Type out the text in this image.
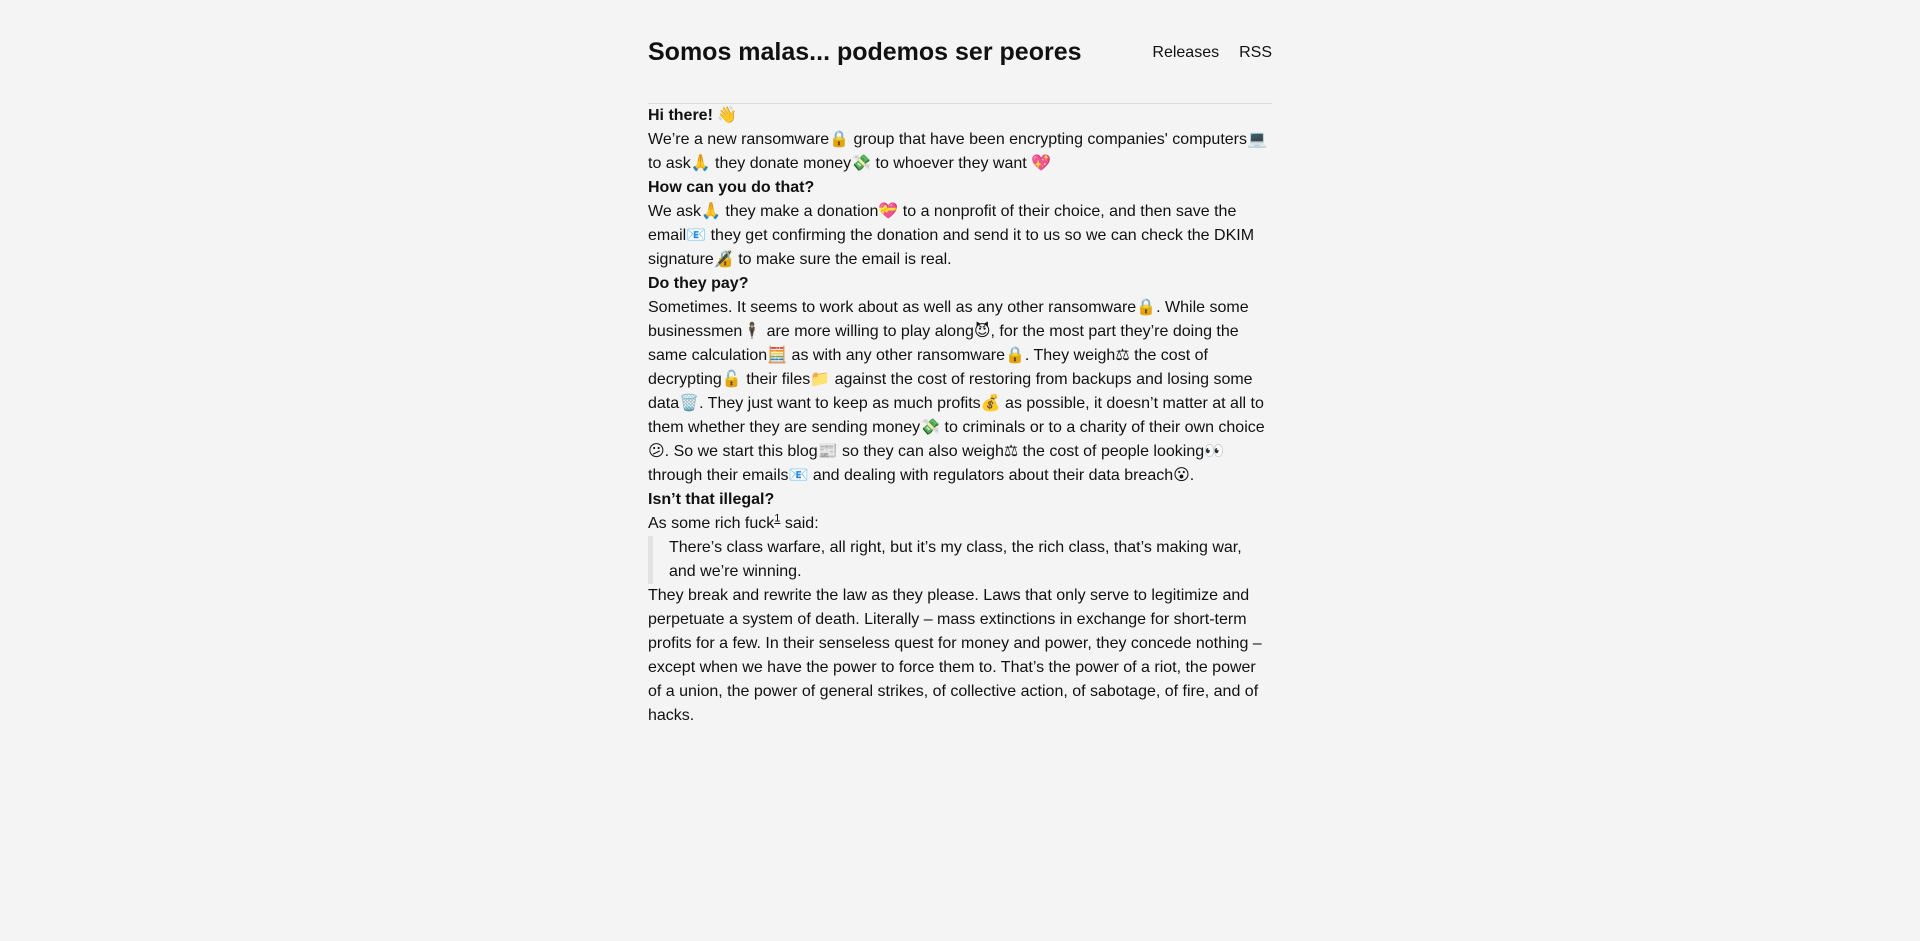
Somos malas... podemos ser peores	Releases RSS
Hi there! 👋

We’re a new ransomware🔒 group that have been encrypting companies' computers💻 to ask🙏 they donate money💸 to whoever they want 💖

How can you do that?

We ask🙏 they make a donation💝 to a nonprofit of their choice, and then save the email📧 they get confirming the donation and send it to us so we can check the DKIM signature🔏 to make sure the email is real.

Do they pay?

Sometimes. It seems to work about as well as any other ransomware🔒. While some businessmen🕴️ are more willing to play along😈, for the most part they’re doing the same calculation🧮 as with any other ransomware🔒. They weigh⚖ the cost of decrypting🔓 their files📁 against the cost of restoring from backups and losing some data🗑️. They just want to keep as much profits💰 as possible, it doesn’t matter at all to them whether they are sending money💸 to criminals or to a charity of their own choice😕. So we start this blog📰 so they can also weigh⚖ the cost of people looking👀 through their emails📧 and dealing with regulators about their data breach😮.

Isn’t that illegal?

As some rich fuck$^1$ said:

There’s class warfare, all right, but it’s my class, the rich class, that’s making war, and we’re winning.

They break and rewrite the law as they please. Laws that only serve to legitimize and perpetuate a system of death. Literally – mass extinctions in exchange for short-term profits for a few. In their senseless quest for money and power, they concede nothing – except when we have the power to force them to. That’s the power of a riot, the power of a union, the power of general strikes, of collective action, of sabotage, of fire, and of hacks.
